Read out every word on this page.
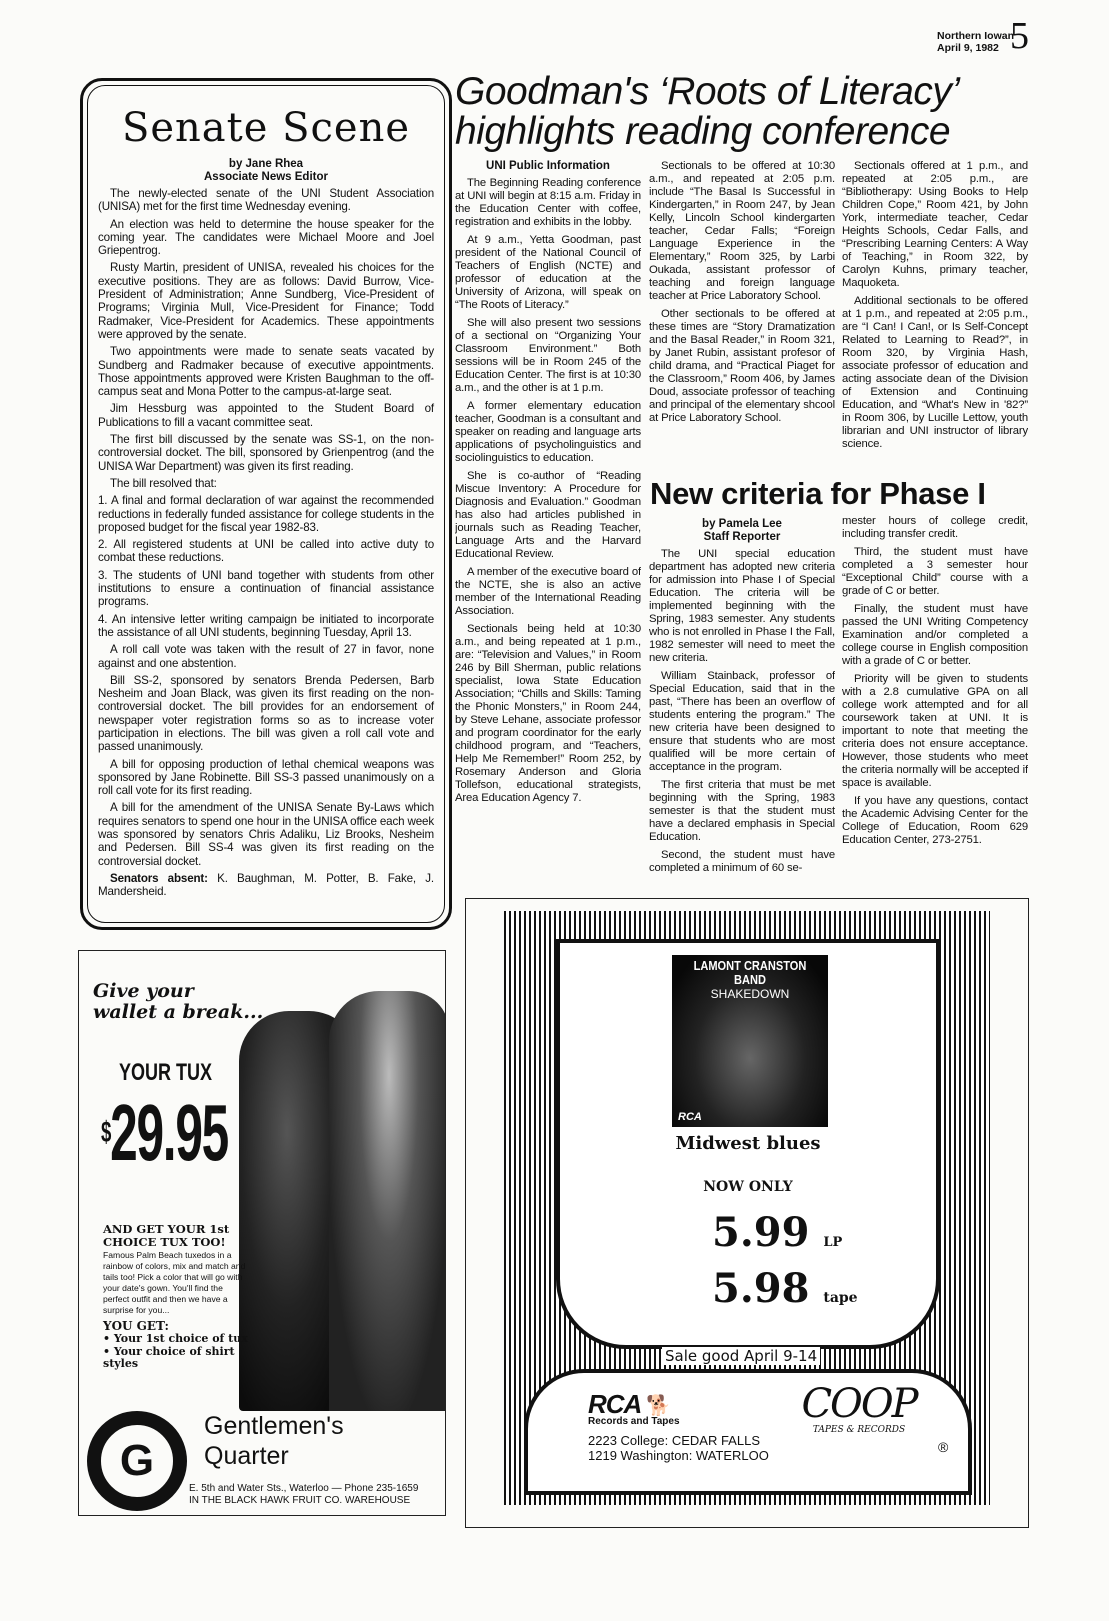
Northern Iowan
April 9, 1982 5
Senate Scene
by Jane Rhea
Associate News Editor

The newly-elected senate of the UNI Student Association (UNISA) met for the first time Wednesday evening.

An election was held to determine the house speaker for the coming year. The candidates were Michael Moore and Joel Griepentrog.

Rusty Martin, president of UNISA, revealed his choices for the executive positions. They are as follows: David Burrow, Vice-President of Administration; Anne Sundberg, Vice-President of Programs; Virginia Mull, Vice-President for Finance; Todd Radmaker, Vice-President for Academics. These appointments were approved by the senate.

Two appointments were made to senate seats vacated by Sundberg and Radmaker because of executive appointments. Those appointments approved were Kristen Baughman to the off-campus seat and Mona Potter to the campus-at-large seat.

Jim Hessburg was appointed to the Student Board of Publications to fill a vacant committee seat.

The first bill discussed by the senate was SS-1, on the non-controversial docket. The bill, sponsored by Grienpentrog (and the UNISA War Department) was given its first reading.

The bill resolved that:

1. A final and formal declaration of war against the recommended reductions in federally funded assistance for college students in the proposed budget for the fiscal year 1982-83.

2. All registered students at UNI be called into active duty to combat these reductions.

3. The students of UNI band together with students from other institutions to ensure a continuation of financial assistance programs.

4. An intensive letter writing campaign be initiated to incorporate the assistance of all UNI students, beginning Tuesday, April 13.

A roll call vote was taken with the result of 27 in favor, none against and one abstention.

Bill SS-2, sponsored by senators Brenda Pedersen, Barb Nesheim and Joan Black, was given its first reading on the non-controversial docket. The bill provides for an endorsement of newspaper voter registration forms so as to increase voter participation in elections. The bill was given a roll call vote and passed unanimously.

A bill for opposing production of lethal chemical weapons was sponsored by Jane Robinette. Bill SS-3 passed unanimously on a roll call vote for its first reading.

A bill for the amendment of the UNISA Senate By-Laws which requires senators to spend one hour in the UNISA office each week was sponsored by senators Chris Adaliku, Liz Brooks, Nesheim and Pedersen. Bill SS-4 was given its first reading on the controversial docket.

Senators absent: K. Baughman, M. Potter, B. Fake, J. Mandersheid.

Goodman's ‘Roots of Literacy’
highlights reading conference
UNI Public Information

The Beginning Reading conference at UNI will begin at 8:15 a.m. Friday in the Education Center with coffee, registration and exhibits in the lobby.

At 9 a.m., Yetta Goodman, past president of the National Council of Teachers of English (NCTE) and professor of education at the University of Arizona, will speak on “The Roots of Literacy.”

She will also present two sessions of a sectional on “Organizing Your Classroom Environment.” Both sessions will be in Room 245 of the Education Center. The first is at 10:30 a.m., and the other is at 1 p.m.

A former elementary education teacher, Goodman is a consultant and speaker on reading and language arts applications of psycholinguistics and sociolinguistics to education.

She is co-author of “Reading Miscue Inventory: A Procedure for Diagnosis and Evaluation.” Goodman has also had articles published in journals such as Reading Teacher, Language Arts and the Harvard Educational Review.

A member of the executive board of the NCTE, she is also an active member of the International Reading Association.

Sectionals being held at 10:30 a.m., and being repeated at 1 p.m., are: “Television and Values,” in Room 246 by Bill Sherman, public relations specialist, Iowa State Education Association; “Chills and Skills: Taming the Phonic Monsters,” in Room 244, by Steve Lehane, associate professor and program coordinator for the early childhood program, and “Teachers, Help Me Remember!” Room 252, by Rosemary Anderson and Gloria Tollefson, educational strategists, Area Education Agency 7.

Sectionals to be offered at 10:30 a.m., and repeated at 2:05 p.m. include “The Basal Is Successful in Kindergarten,” in Room 247, by Jean Kelly, Lincoln School kindergarten teacher, Cedar Falls; “Foreign Language Experience in the Elementary,” Room 325, by Larbi Oukada, assistant professor of teaching and foreign language teacher at Price Laboratory School.

Other sectionals to be offered at these times are “Story Dramatization and the Basal Reader,” in Room 321, by Janet Rubin, assistant profesor of child drama, and “Practical Piaget for the Classroom,” Room 406, by James Doud, associate professor of teaching and principal of the elementary shcool at Price Laboratory School.

Sectionals offered at 1 p.m., and repeated at 2:05 p.m., are “Bibliotherapy: Using Books to Help Children Cope,” Room 421, by John York, intermediate teacher, Cedar Heights Schools, Cedar Falls, and “Prescribing Learning Centers: A Way of Teaching,” in Room 322, by Carolyn Kuhns, primary teacher, Maquoketa.

Additional sectionals to be offered at 1 p.m., and repeated at 2:05 p.m., are “I Can! I Can!, or Is Self-Concept Related to Learning to Read?”, in Room 320, by Virginia Hash, associate professor of education and acting associate dean of the Division of Extension and Continuing Education, and “What's New in '82?” in Room 306, by Lucille Lettow, youth librarian and UNI instructor of library science.

New criteria for Phase I
by Pamela Lee
Staff Reporter

The UNI special education department has adopted new criteria for admission into Phase I of Special Education. The criteria will be implemented beginning with the Spring, 1983 semester. Any students who is not enrolled in Phase I the Fall, 1982 semester will need to meet the new criteria.

William Stainback, professor of Special Education, said that in the past, “There has been an overflow of students entering the program.” The new criteria have been designed to ensure that students who are most qualified will be more certain of acceptance in the program.

The first criteria that must be met beginning with the Spring, 1983 semester is that the student must have a declared emphasis in Special Education.

Second, the student must have completed a minimum of 60 se-

mester hours of college credit, including transfer credit.

Third, the student must have completed a 3 semester hour “Exceptional Child” course with a grade of C or better.

Finally, the student must have passed the UNI Writing Competency Examination and/or completed a college course in English composition with a grade of C or better.

Priority will be given to students with a 2.8 cumulative GPA on all college work attempted and for all coursework taken at UNI. It is important to note that meeting the criteria does not ensure acceptance. However, those students who meet the criteria normally will be accepted if space is available.

If you have any questions, contact the Academic Advising Center for the College of Education, Room 629 Education Center, 273-2751.

Give your
wallet a break...
YOUR TUX
$29.95
AND GET YOUR 1st CHOICE TUX TOO!
Famous Palm Beach tuxedos in a rainbow of colors, mix and match and tails too! Pick a color that will go with your date's gown. You'll find the perfect outfit and then we have a surprise for you...
YOU GET:
• Your 1st choice of tux
• Your choice of shirt styles
G
Gentlemen's
Quarter
E. 5th and Water Sts., Waterloo — Phone 235-1659
IN THE BLACK HAWK FRUIT CO. WAREHOUSE
LAMONT CRANSTON
BAND
SHAKEDOWN
RCA
Midwest blues
NOW ONLY
5.99 LP
5.98 tape
Sale good April 9-14
RCA 🐕
Records and Tapes
2223 College: CEDAR FALLS
1219 Washington: WATERLOO
COOP
TAPES & RECORDS
®
